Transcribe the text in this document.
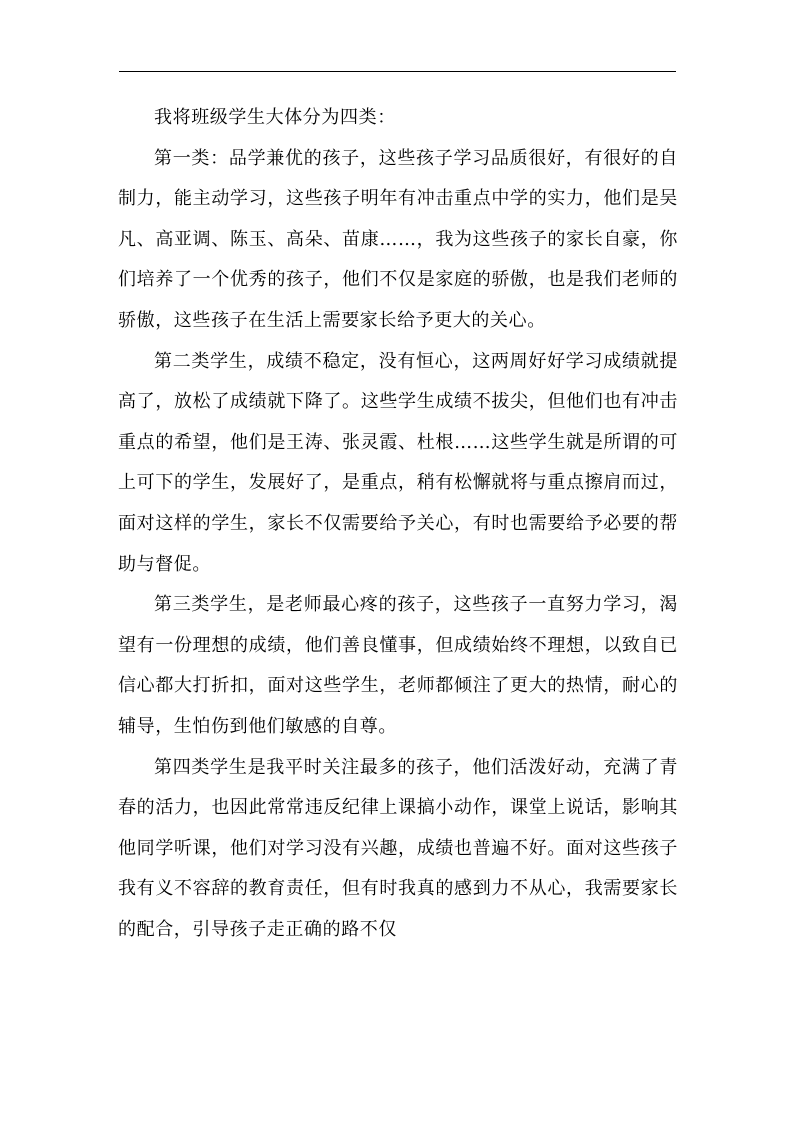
我将班级学生大体分为四类：

第一类：品学兼优的孩子，这些孩子学习品质很好，有很好的自制力，能主动学习，这些孩子明年有冲击重点中学的实力，他们是吴凡、高亚调、陈玉、高朵、苗康……，我为这些孩子的家长自豪，你们培养了一个优秀的孩子，他们不仅是家庭的骄傲，也是我们老师的骄傲，这些孩子在生活上需要家长给予更大的关心。

第二类学生，成绩不稳定，没有恒心，这两周好好学习成绩就提高了，放松了成绩就下降了。这些学生成绩不拔尖，但他们也有冲击重点的希望，他们是王涛、张灵霞、杜根……这些学生就是所谓的可上可下的学生，发展好了，是重点，稍有松懈就将与重点擦肩而过，面对这样的学生，家长不仅需要给予关心，有时也需要给予必要的帮助与督促。

第三类学生，是老师最心疼的孩子，这些孩子一直努力学习，渴望有一份理想的成绩，他们善良懂事，但成绩始终不理想，以致自已信心都大打折扣，面对这些学生，老师都倾注了更大的热情，耐心的辅导，生怕伤到他们敏感的自尊。

第四类学生是我平时关注最多的孩子，他们活泼好动，充满了青春的活力，也因此常常违反纪律上课搞小动作，课堂上说话，影响其他同学听课，他们对学习没有兴趣，成绩也普遍不好。面对这些孩子我有义不容辞的教育责任，但有时我真的感到力不从心，我需要家长的配合，引导孩子走正确的路不仅
